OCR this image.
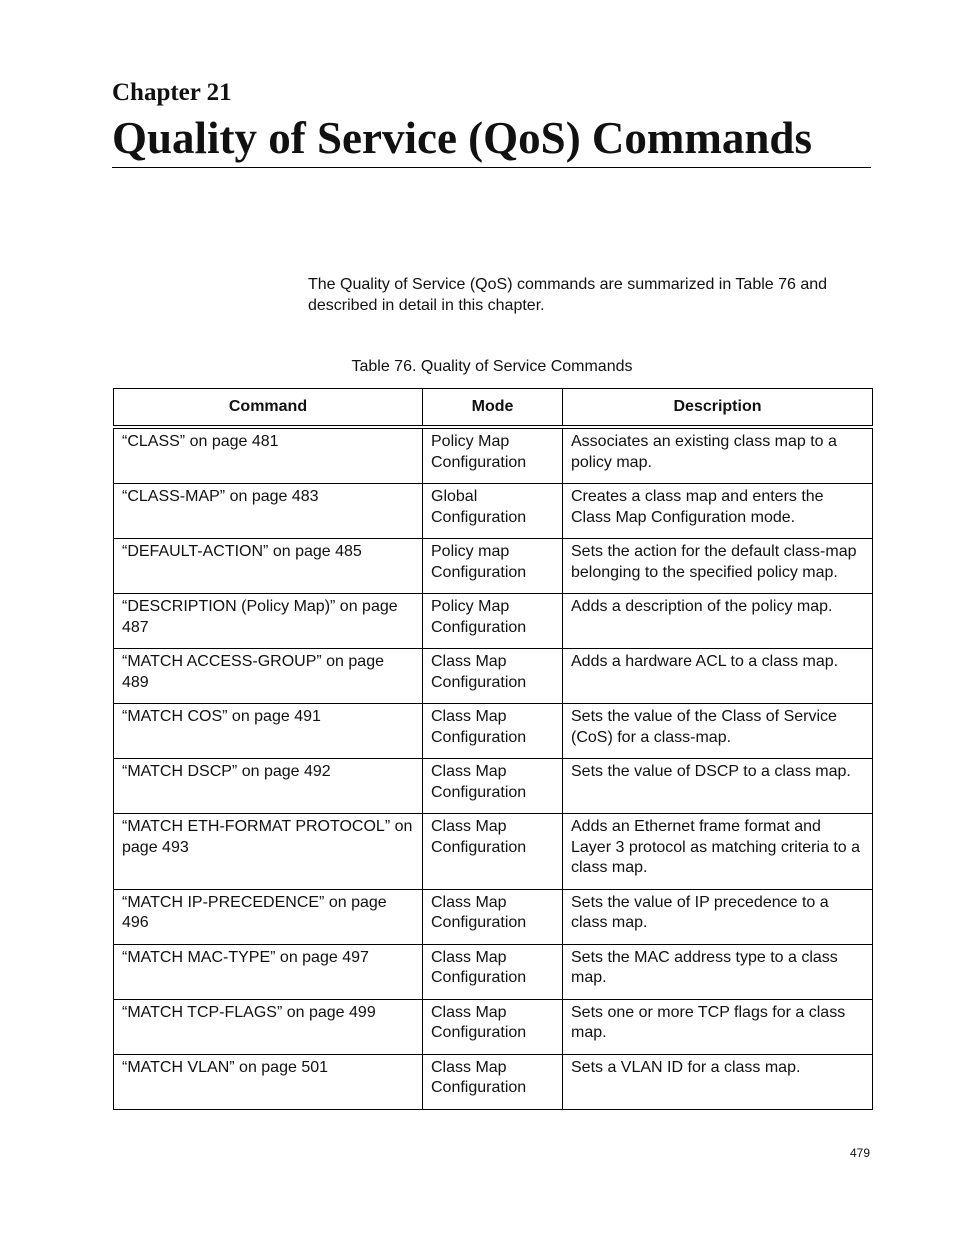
Chapter 21
Quality of Service (QoS) Commands

The Quality of Service (QoS) commands are summarized in Table 76 and described in detail in this chapter.

Table 76. Quality of Service Commands

Command	Mode	Description
“CLASS” on page 481	Policy Map Configuration	Associates an existing class map to a policy map.
“CLASS-MAP” on page 483	Global Configuration	Creates a class map and enters the Class Map Configuration mode.
“DEFAULT-ACTION” on page 485	Policy map Configuration	Sets the action for the default class-map belonging to the specified policy map.
“DESCRIPTION (Policy Map)” on page 487	Policy Map Configuration	Adds a description of the policy map.
“MATCH ACCESS-GROUP” on page 489	Class Map Configuration	Adds a hardware ACL to a class map.
“MATCH COS” on page 491	Class Map Configuration	Sets the value of the Class of Service (CoS) for a class-map.
“MATCH DSCP” on page 492	Class Map Configuration	Sets the value of DSCP to a class map.
“MATCH ETH-FORMAT PROTOCOL” on page 493	Class Map Configuration	Adds an Ethernet frame format and Layer 3 protocol as matching criteria to a class map.
“MATCH IP-PRECEDENCE” on page 496	Class Map Configuration	Sets the value of IP precedence to a class map.
“MATCH MAC-TYPE” on page 497	Class Map Configuration	Sets the MAC address type to a class map.
“MATCH TCP-FLAGS” on page 499	Class Map Configuration	Sets one or more TCP flags for a class map.
“MATCH VLAN” on page 501	Class Map Configuration	Sets a VLAN ID for a class map.

479
